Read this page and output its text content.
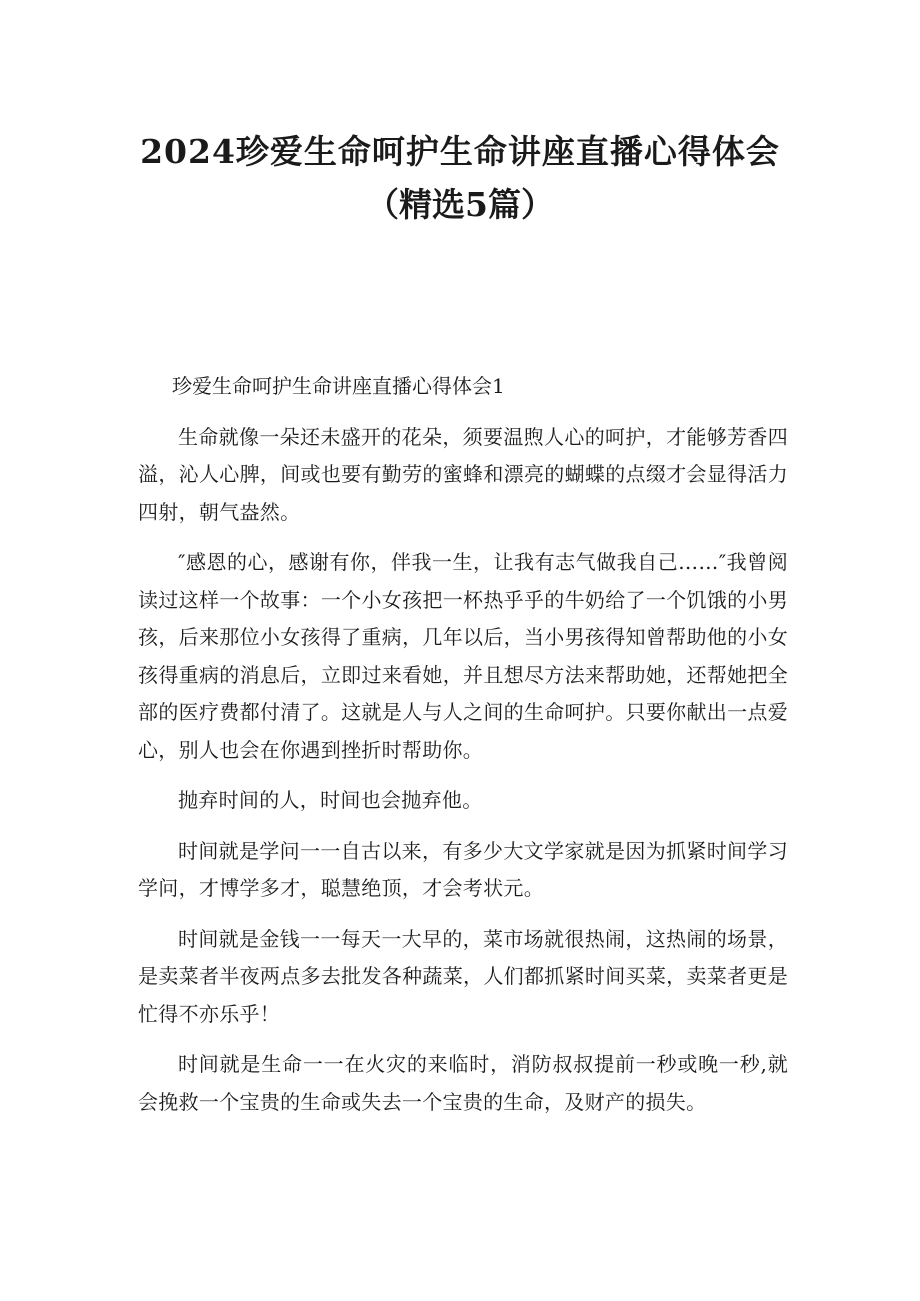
2024珍爱生命呵护生命讲座直播心得体会
（精选5篇）

珍爱生命呵护生命讲座直播心得体会1

生命就像一朵还未盛开的花朵，须要温煦人心的呵护，才能够芳香四溢，沁人心脾，间或也要有勤劳的蜜蜂和漂亮的蝴蝶的点缀才会显得活力四射，朝气盎然。

″感恩的心，感谢有你，伴我一生，让我有志气做我自己……″我曾阅读过这样一个故事：一个小女孩把一杯热乎乎的牛奶给了一个饥饿的小男孩，后来那位小女孩得了重病，几年以后，当小男孩得知曾帮助他的小女孩得重病的消息后，立即过来看她，并且想尽方法来帮助她，还帮她把全部的医疗费都付清了。这就是人与人之间的生命呵护。只要你献出一点爱心，别人也会在你遇到挫折时帮助你。

抛弃时间的人，时间也会抛弃他。

时间就是学问一一自古以来，有多少大文学家就是因为抓紧时间学习学问，才博学多才，聪慧绝顶，才会考状元。

时间就是金钱一一每天一大早的，菜市场就很热闹，这热闹的场景，是卖菜者半夜两点多去批发各种蔬菜，人们都抓紧时间买菜，卖菜者更是忙得不亦乐乎！

时间就是生命一一在火灾的来临时，消防叔叔提前一秒或晚一秒,就会挽救一个宝贵的生命或失去一个宝贵的生命，及财产的损失。
